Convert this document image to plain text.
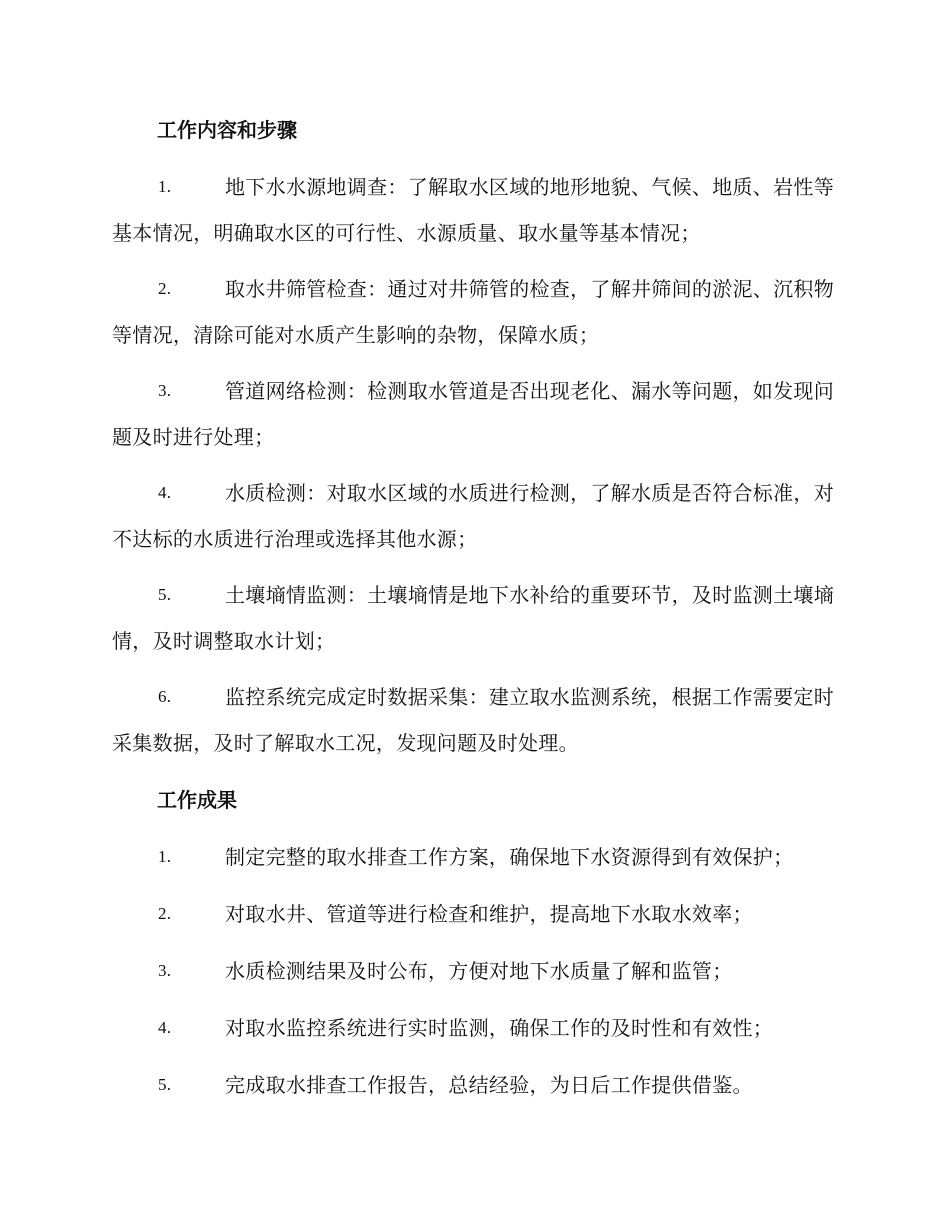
工作内容和步骤
1.	地下水水源地调查：了解取水区域的地形地貌、气候、地质、岩性等基本情况，明确取水区的可行性、水源质量、取水量等基本情况；
2.	取水井筛管检查：通过对井筛管的检查，了解井筛间的淤泥、沉积物等情况，清除可能对水质产生影响的杂物，保障水质；
3.	管道网络检测：检测取水管道是否出现老化、漏水等问题，如发现问题及时进行处理；
4.	水质检测：对取水区域的水质进行检测，了解水质是否符合标准，对不达标的水质进行治理或选择其他水源；
5.	土壤墒情监测：土壤墒情是地下水补给的重要环节，及时监测土壤墒情，及时调整取水计划；
6.	监控系统完成定时数据采集：建立取水监测系统，根据工作需要定时采集数据，及时了解取水工况，发现问题及时处理。
工作成果
1.	制定完整的取水排查工作方案，确保地下水资源得到有效保护；
2.	对取水井、管道等进行检查和维护，提高地下水取水效率；
3.	水质检测结果及时公布，方便对地下水质量了解和监管；
4.	对取水监控系统进行实时监测，确保工作的及时性和有效性；
5.	完成取水排查工作报告，总结经验，为日后工作提供借鉴。
